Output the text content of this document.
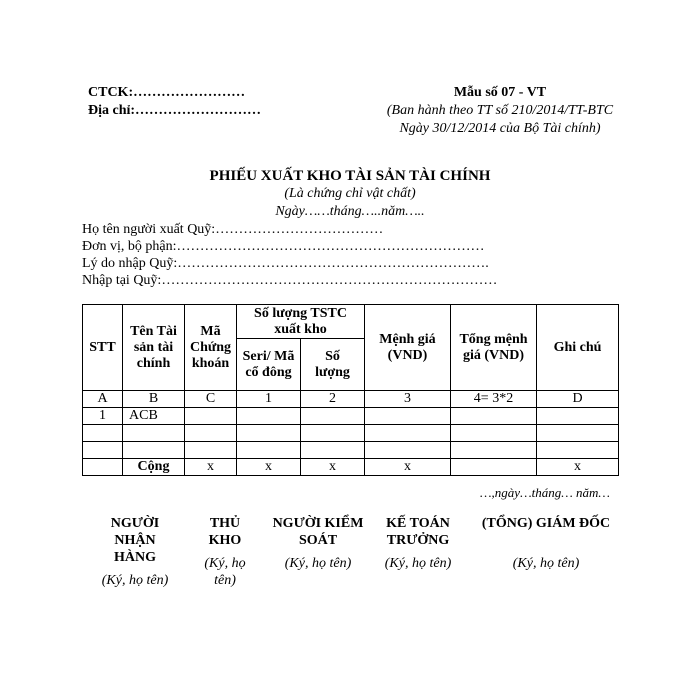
CTCK:……………………
Địa chỉ:………………………
Mẫu số 07 - VT
(Ban hành theo TT số 210/2014/TT-BTC
Ngày 30/12/2014 của Bộ Tài chính)
PHIẾU XUẤT KHO TÀI SẢN TÀI CHÍNH
(Là chứng chỉ vật chất)
Ngày……tháng…..năm…..
Họ tên người xuất Quỹ:………………………………
Đơn vị, bộ phận:…………………………………………………………
Lý do nhập Quỹ:………………………………………………………….
Nhập tại Quỹ:………………………………………………………………
STT	Tên Tài sản tài chính	Mã Chứng khoán	Số lượng TSTC xuất kho		Mệnh giá (VND)	Tổng mệnh giá (VND)	Ghi chú
			Seri/ Mã cổ đông	Số lượng			
A	B	C	1	2	3	4= 3*2	D
1	ACB						

	Cộng	x	x	x	x		x
…,ngày…tháng… năm…
NGƯỜI NHẬN HÀNG
(Ký, họ tên)
THỦ KHO
(Ký, họ tên)
NGƯỜI KIỂM SOÁT
(Ký, họ tên)
KẾ TOÁN TRƯỞNG
(Ký, họ tên)
(TỔNG) GIÁM ĐỐC
(Ký, họ tên)
